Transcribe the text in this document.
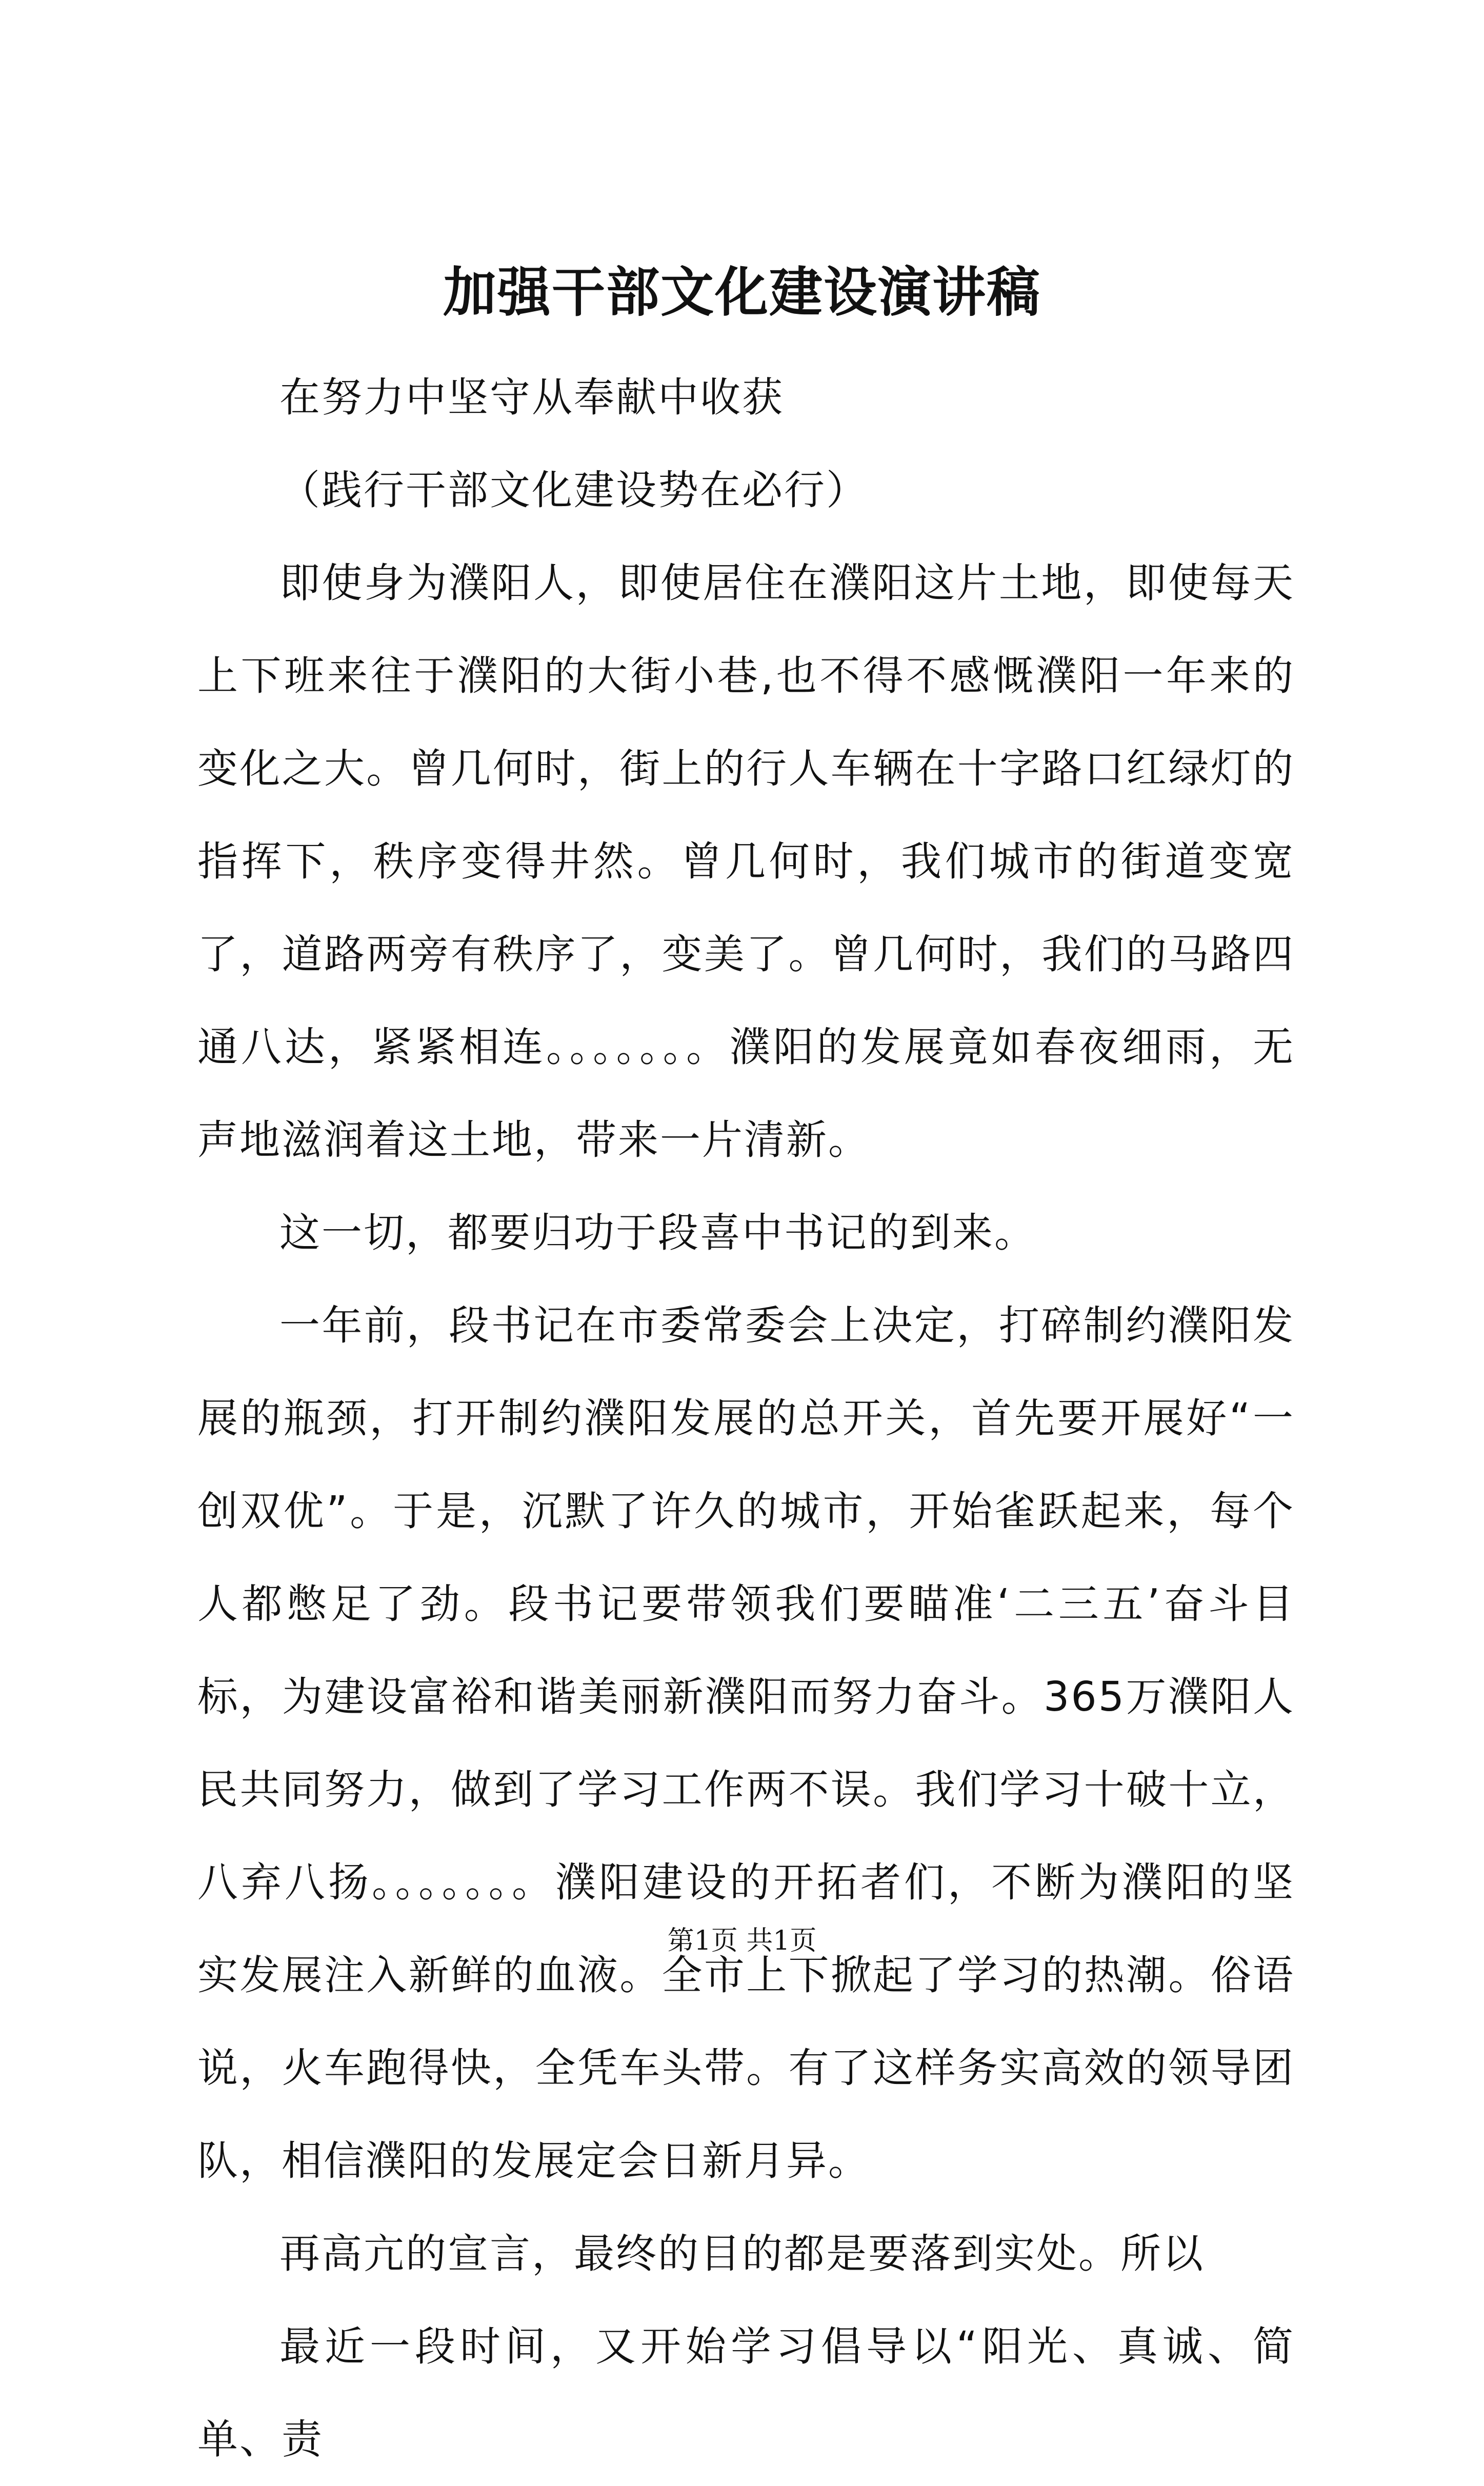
加强干部文化建设演讲稿

在努力中坚守从奉献中收获

（践行干部文化建设势在必行）

即使身为濮阳人，即使居住在濮阳这片土地，即使每天上下班来往于濮阳的大街小巷,也不得不感慨濮阳一年来的变化之大。曾几何时，街上的行人车辆在十字路口红绿灯的指挥下，秩序变得井然。曾几何时，我们城市的街道变宽了，道路两旁有秩序了，变美了。曾几何时，我们的马路四通八达，紧紧相连。。。。。。。濮阳的发展竟如春夜细雨，无声地滋润着这土地，带来一片清新。

这一切，都要归功于段喜中书记的到来。

一年前，段书记在市委常委会上决定，打碎制约濮阳发展的瓶颈，打开制约濮阳发展的总开关，首先要开展好“一创双优”。于是，沉默了许久的城市，开始雀跃起来，每个人都憋足了劲。段书记要带领我们要瞄准‘二三五’奋斗目标，为建设富裕和谐美丽新濮阳而努力奋斗。365万濮阳人民共同努力，做到了学习工作两不误。我们学习十破十立，八弃八扬。。。。。。。濮阳建设的开拓者们，不断为濮阳的坚实发展注入新鲜的血液。全市上下掀起了学习的热潮。俗语说，火车跑得快，全凭车头带。有了这样务实高效的领导团队，相信濮阳的发展定会日新月异。

再高亢的宣言，最终的目的都是要落到实处。所以

最近一段时间，又开始学习倡导以“阳光、真诚、简单、责

第1页 共1页
